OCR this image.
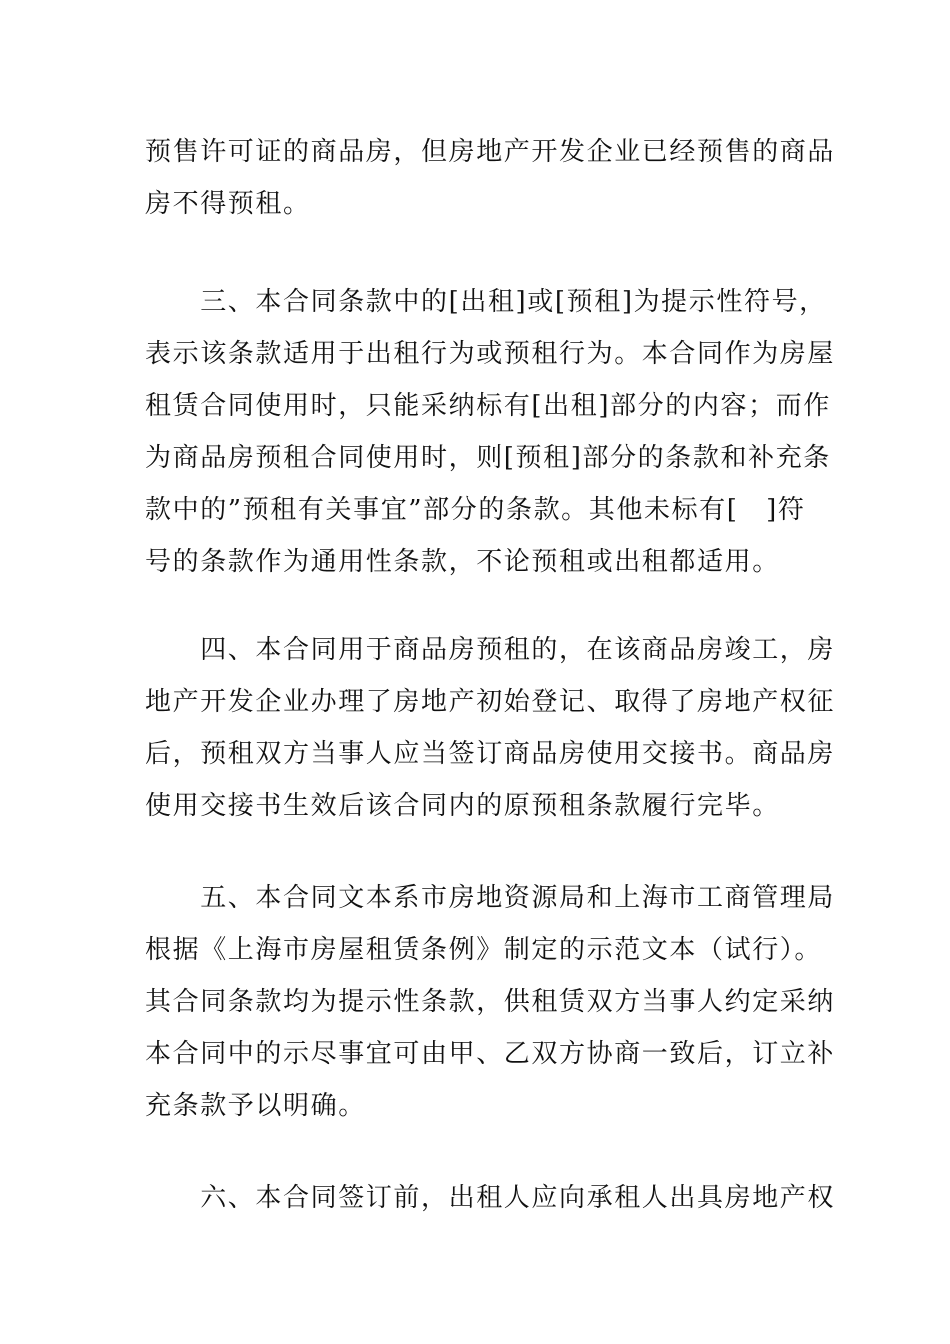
预售许可证的商品房，但房地产开发企业已经预售的商品
房不得预租。
　　三、本合同条款中的[出租]或[预租]为提示性符号，
表示该条款适用于出租行为或预租行为。本合同作为房屋
租赁合同使用时，只能采纳标有[出租]部分的内容；而作
为商品房预租合同使用时，则[预租]部分的条款和补充条
款中的”预租有关事宜”部分的条款。其他未标有[　]符
号的条款作为通用性条款，不论预租或出租都适用。
　　四、本合同用于商品房预租的，在该商品房竣工，房
地产开发企业办理了房地产初始登记、取得了房地产权征
后，预租双方当事人应当签订商品房使用交接书。商品房
使用交接书生效后该合同内的原预租条款履行完毕。
　　五、本合同文本系市房地资源局和上海市工商管理局
根据《上海市房屋租赁条例》制定的示范文本（试行）。
其合同条款均为提示性条款，供租赁双方当事人约定采纳
本合同中的示尽事宜可由甲、乙双方协商一致后，订立补
充条款予以明确。
　　六、本合同签订前，出租人应向承租人出具房地产权
